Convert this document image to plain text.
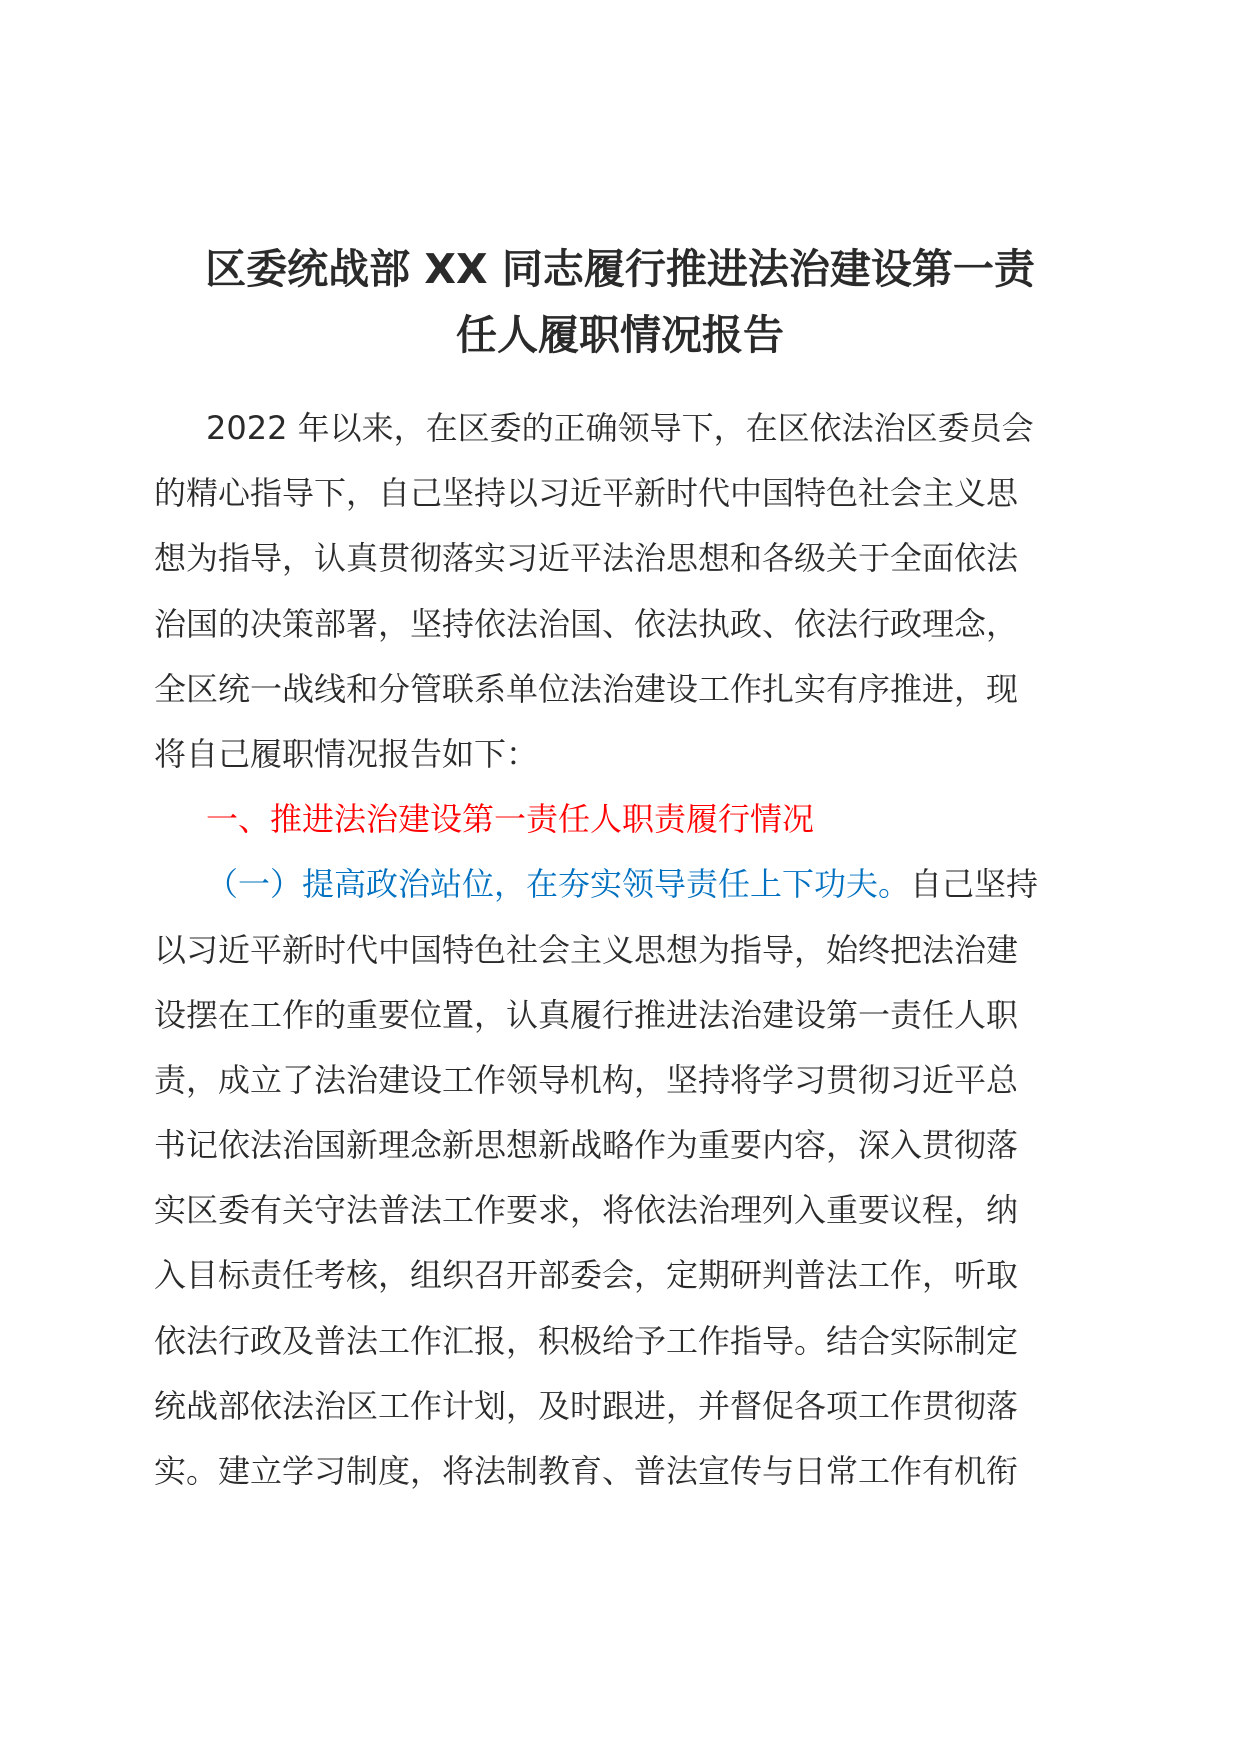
区委统战部 XX 同志履行推进法治建设第一责
任人履职情况报告
2022 年以来，在区委的正确领导下，在区依法治区委员会
的精心指导下，自己坚持以习近平新时代中国特色社会主义思
想为指导，认真贯彻落实习近平法治思想和各级关于全面依法
治国的决策部署，坚持依法治国、依法执政、依法行政理念，
全区统一战线和分管联系单位法治建设工作扎实有序推进，现
将自己履职情况报告如下：
一、推进法治建设第一责任人职责履行情况
（一）提高政治站位，在夯实领导责任上下功夫。自己坚持
以习近平新时代中国特色社会主义思想为指导，始终把法治建
设摆在工作的重要位置，认真履行推进法治建设第一责任人职
责，成立了法治建设工作领导机构，坚持将学习贯彻习近平总
书记依法治国新理念新思想新战略作为重要内容，深入贯彻落
实区委有关守法普法工作要求，将依法治理列入重要议程，纳
入目标责任考核，组织召开部委会，定期研判普法工作，听取
依法行政及普法工作汇报，积极给予工作指导。结合实际制定
统战部依法治区工作计划，及时跟进，并督促各项工作贯彻落
实。建立学习制度，将法制教育、普法宣传与日常工作有机衔
